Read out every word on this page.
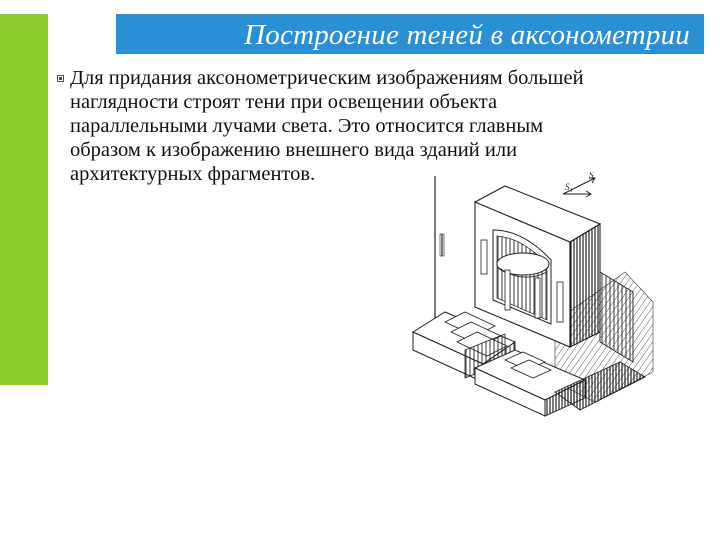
Построение теней в аксонометрии
Для придания аксонометрическим изображениям большей
наглядности строят тени при освещении объекта
параллельными лучами света. Это относится главным
образом к изображению внешнего вида зданий или
архитектурных фрагментов.	S
S₁
